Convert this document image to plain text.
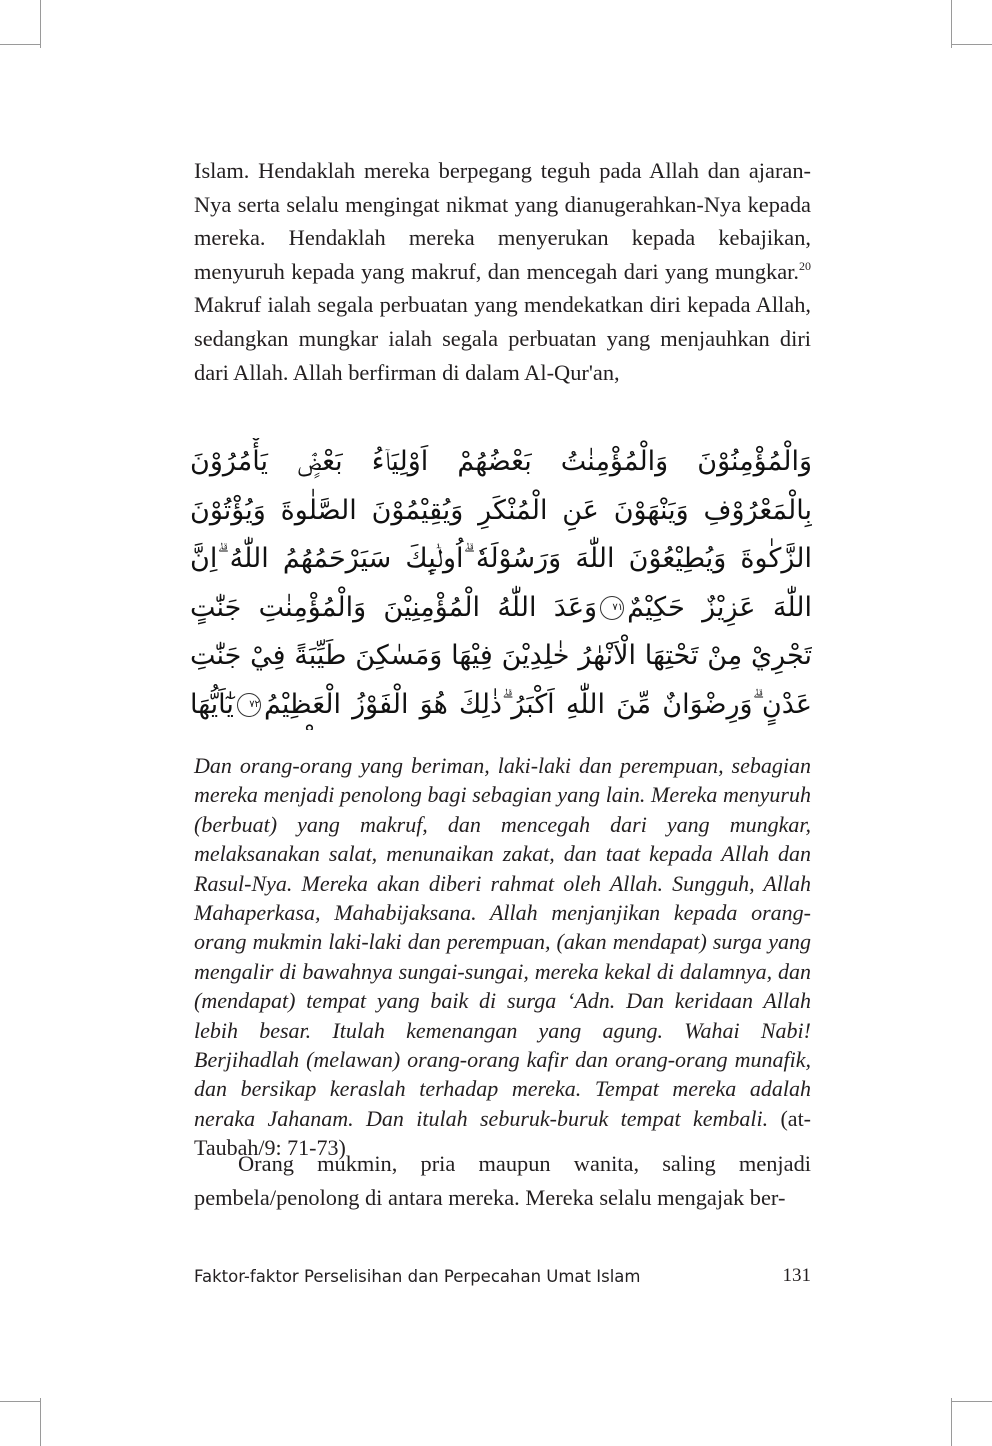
Islam. Hendaklah mereka berpegang teguh pada Allah dan ajaran-Nya serta selalu mengingat nikmat yang dianugerahkan-Nya kepada mereka. Hendaklah mereka menyerukan kepada kebajikan, menyuruh kepada yang makruf, dan mencegah dari yang mungkar.$^{20}$ Makruf ialah segala perbuatan yang mendekatkan diri kepada Allah, sedangkan mungkar ialah segala perbuatan yang menjauhkan diri dari Allah. Allah berfirman di dalam Al-Qur'an,

وَالْمُؤْمِنُوْنَ وَالْمُؤْمِنٰتُ بَعْضُهُمْ اَوْلِيَاۤءُ بَعْضٍۘ يَأْمُرُوْنَ بِالْمَعْرُوْفِ وَيَنْهَوْنَ عَنِ الْمُنْكَرِ وَيُقِيْمُوْنَ الصَّلٰوةَ وَيُؤْتُوْنَ الزَّكٰوةَ وَيُطِيْعُوْنَ اللّٰهَ وَرَسُوْلَهٗ ۗاُولٰۤىِٕكَ سَيَرْحَمُهُمُ اللّٰهُ ۗاِنَّ اللّٰهَ عَزِيْزٌ حَكِيْمٌ٧١وَعَدَ اللّٰهُ الْمُؤْمِنِيْنَ وَالْمُؤْمِنٰتِ جَنّٰتٍ تَجْرِيْ مِنْ تَحْتِهَا الْاَنْهٰرُ خٰلِدِيْنَ فِيْهَا وَمَسٰكِنَ طَيِّبَةً فِيْ جَنّٰتِ عَدْنٍ ۗوَرِضْوَانٌ مِّنَ اللّٰهِ اَكْبَرُ ۗذٰلِكَ هُوَ الْفَوْزُ الْعَظِيْمُ٧٢يٰٓاَيُّهَا

Dan orang-orang yang beriman, laki-laki dan perempuan, sebagian mereka menjadi penolong bagi sebagian yang lain. Mereka menyuruh (berbuat) yang makruf, dan mencegah dari yang mungkar, melaksanakan salat, menunaikan zakat, dan taat kepada Allah dan Rasul-Nya. Mereka akan diberi rahmat oleh Allah. Sungguh, Allah Mahaperkasa, Mahabijaksana. Allah menjanjikan kepada orang-orang mukmin laki-laki dan perempuan, (akan mendapat) surga yang mengalir di bawahnya sungai-sungai, mereka kekal di dalamnya, dan (mendapat) tempat yang baik di surga ‘Adn. Dan keridaan Allah lebih besar. Itulah kemenangan yang agung. Wahai Nabi! Berjihadlah (melawan) orang-orang kafir dan orang-orang munafik, dan bersikap keraslah terhadap mereka. Tempat mereka adalah neraka Jahanam. Dan itulah seburuk-buruk tempat kembali. (at-Taubah/9: 71-73)

Orang mukmin, pria maupun wanita, saling menjadi pembela/penolong di antara mereka. Mereka selalu mengajak ber-

Faktor-faktor Perselisihan dan Perpecahan Umat Islam	131
